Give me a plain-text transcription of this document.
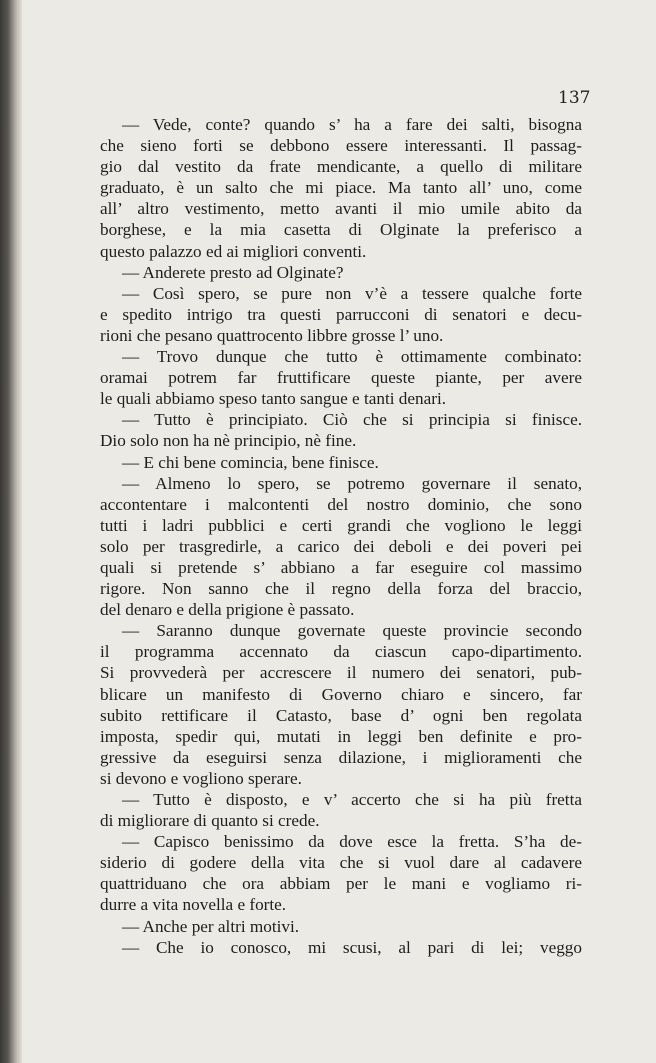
137
— Vede, conte? quando s’ ha a fare dei salti, bisogna
che sieno forti se debbono essere interessanti. Il passag-
gio dal vestito da frate mendicante, a quello di militare
graduato, è un salto che mi piace. Ma tanto all’ uno, come
all’ altro vestimento, metto avanti il mio umile abito da
borghese, e la mia casetta di Olginate la preferisco a
questo palazzo ed ai migliori conventi.
— Anderete presto ad Olginate?
— Così spero, se pure non v’è a tessere qualche forte
e spedito intrigo tra questi parrucconi di senatori e decu-
rioni che pesano quattrocento libbre grosse l’ uno.
— Trovo dunque che tutto è ottimamente combinato:
oramai potrem far fruttificare queste piante, per avere
le quali abbiamo speso tanto sangue e tanti denari.
— Tutto è principiato. Ciò che si principia si finisce.
Dio solo non ha nè principio, nè fine.
— E chi bene comincia, bene finisce.
— Almeno lo spero, se potremo governare il senato,
accontentare i malcontenti del nostro dominio, che sono
tutti i ladri pubblici e certi grandi che vogliono le leggi
solo per trasgredirle, a carico dei deboli e dei poveri pei
quali si pretende s’ abbiano a far eseguire col massimo
rigore. Non sanno che il regno della forza del braccio,
del denaro e della prigione è passato.
— Saranno dunque governate queste provincie secondo
il programma accennato da ciascun capo-dipartimento.
Si provvederà per accrescere il numero dei senatori, pub-
blicare un manifesto di Governo chiaro e sincero, far
subito rettificare il Catasto, base d’ ogni ben regolata
imposta, spedir qui, mutati in leggi ben definite e pro-
gressive da eseguirsi senza dilazione, i miglioramenti che
si devono e vogliono sperare.
— Tutto è disposto, e v’ accerto che si ha più fretta
di migliorare di quanto si crede.
— Capisco benissimo da dove esce la fretta. S’ha de-
siderio di godere della vita che si vuol dare al cadavere
quattriduano che ora abbiam per le mani e vogliamo ri-
durre a vita novella e forte.
— Anche per altri motivi.
— Che io conosco, mi scusi, al pari di lei; veggo
